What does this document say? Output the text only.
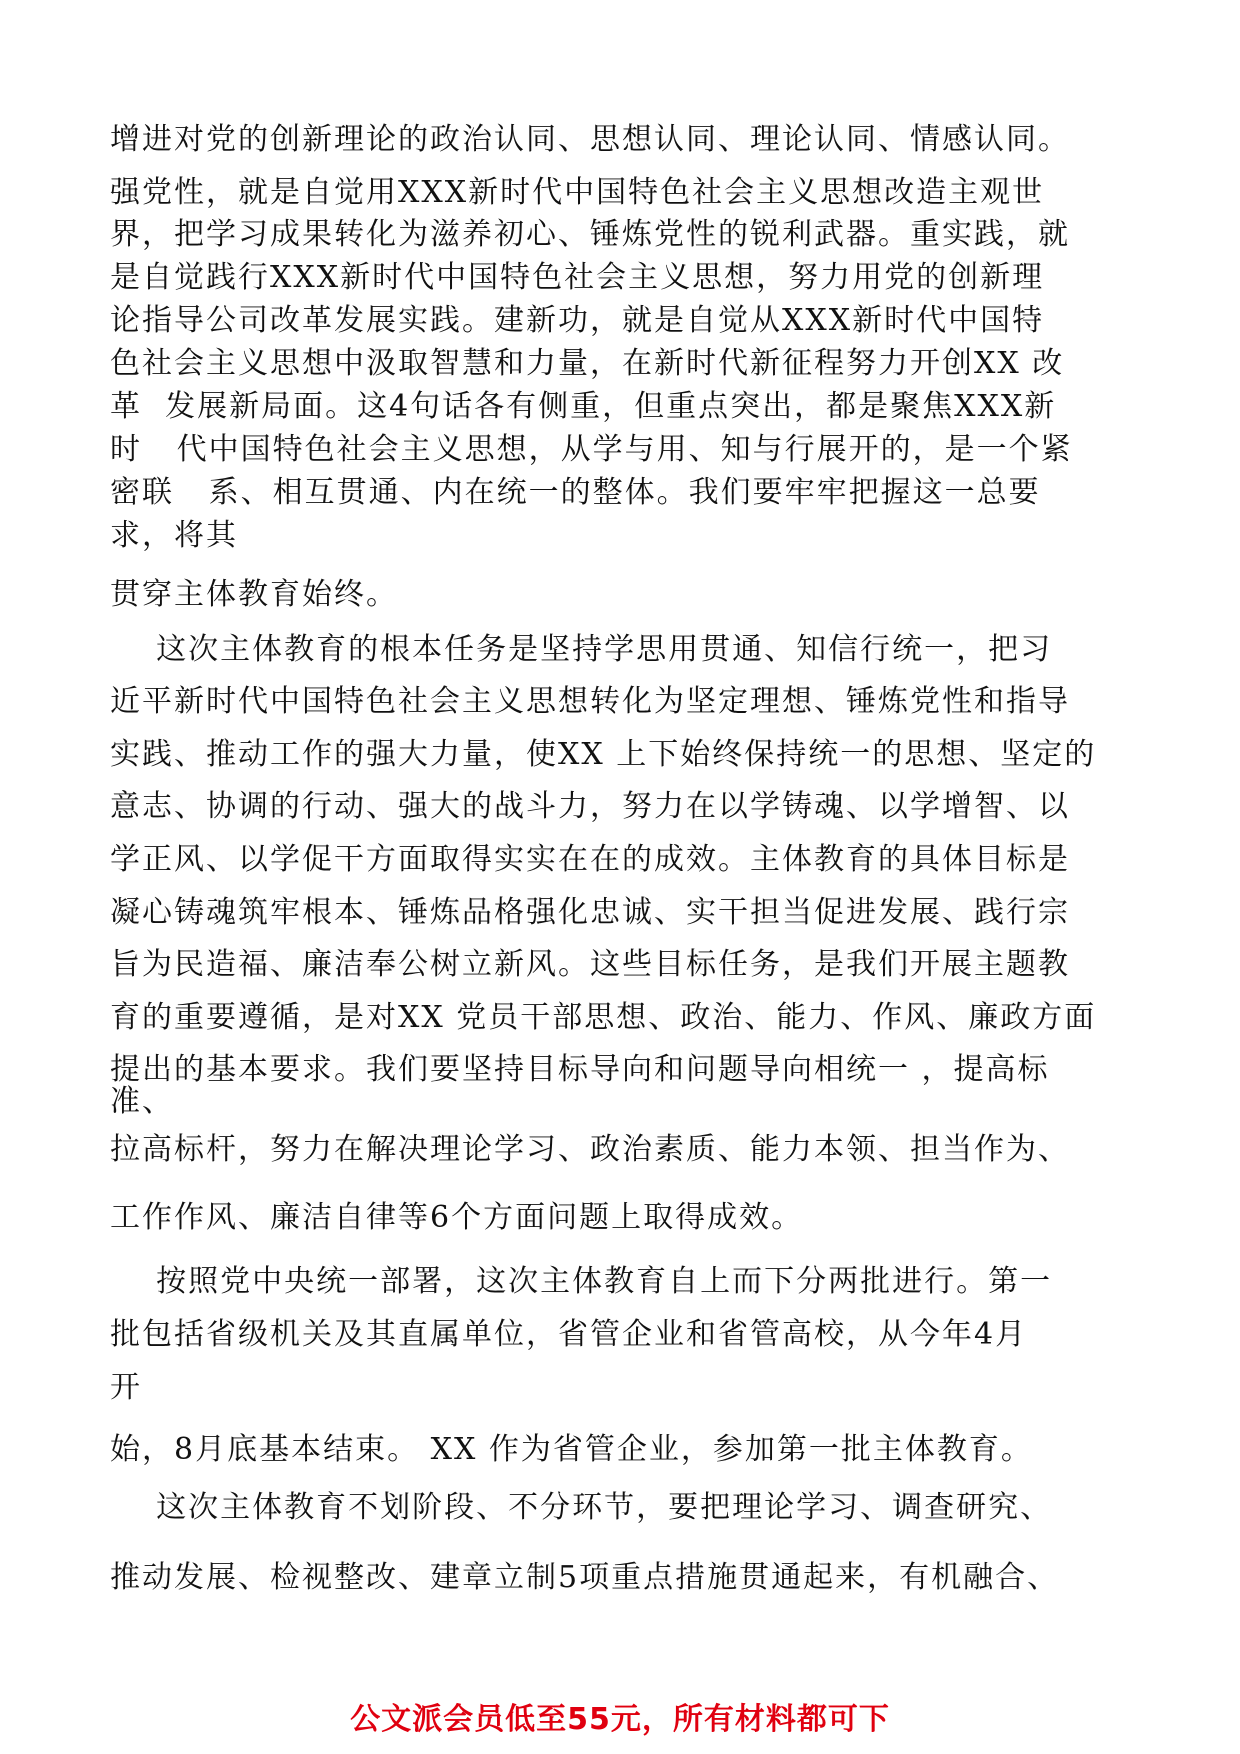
增进对党的创新理论的政治认同、思想认同、理论认同、情感认同。
强党性，就是自觉用XXX新时代中国特色社会主义思想改造主观世
界，把学习成果转化为滋养初心、锤炼党性的锐利武器。重实践，就
是自觉践行XXX新时代中国特色社会主义思想，努力用党的创新理
论指导公司改革发展实践。建新功，就是自觉从XXX新时代中国特
色社会主义思想中汲取智慧和力量，在新时代新征程努力开创XX 改
革  发展新局面。这4句话各有侧重，但重点突出，都是聚焦XXX新
时   代中国特色社会主义思想，从学与用、知与行展开的，是一个紧
密联   系、相互贯通、内在统一的整体。我们要牢牢把握这一总要
求，将其
贯穿主体教育始终。
这次主体教育的根本任务是坚持学思用贯通、知信行统一，把习
近平新时代中国特色社会主义思想转化为坚定理想、锤炼党性和指导
实践、推动工作的强大力量，使XX 上下始终保持统一的思想、坚定的
意志、协调的行动、强大的战斗力，努力在以学铸魂、以学增智、以
学正风、以学促干方面取得实实在在的成效。主体教育的具体目标是
凝心铸魂筑牢根本、锤炼品格强化忠诚、实干担当促进发展、践行宗
旨为民造福、廉洁奉公树立新风。这些目标任务，是我们开展主题教
育的重要遵循，是对XX 党员干部思想、政治、能力、作风、廉政方面
提出的基本要求。我们要坚持目标导向和问题导向相统一 ，提高标
准、
拉高标杆，努力在解决理论学习、政治素质、能力本领、担当作为、
工作作风、廉洁自律等6个方面问题上取得成效。
按照党中央统一部署，这次主体教育自上而下分两批进行。第一
批包括省级机关及其直属单位，省管企业和省管高校，从今年4月
开
始，8月底基本结束。 XX 作为省管企业，参加第一批主体教育。
这次主体教育不划阶段、不分环节，要把理论学习、调查研究、
推动发展、检视整改、建章立制5项重点措施贯通起来，有机融合、
公文派会员低至55元，所有材料都可下
